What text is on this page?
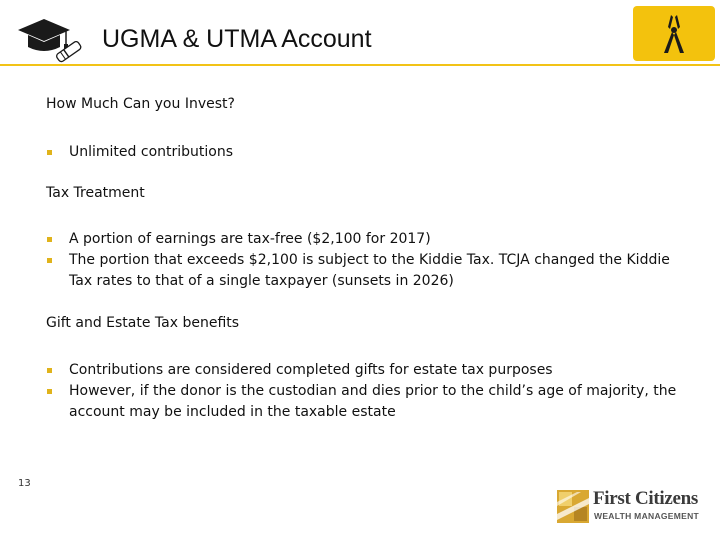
UGMA & UTMA Account
How Much Can you Invest?
Unlimited contributions
Tax Treatment
A portion of earnings are tax-free ($2,100 for 2017)
The portion that exceeds $2,100 is subject to the Kiddie Tax. TCJA changed the Kiddie Tax rates to that of a single taxpayer (sunsets in 2026)
Gift and Estate Tax benefits
Contributions are considered completed gifts for estate tax purposes
However, if the donor is the custodian and dies prior to the child’s age of majority, the account may be included in the taxable estate
13
First Citizens
WEALTH MANAGEMENT
